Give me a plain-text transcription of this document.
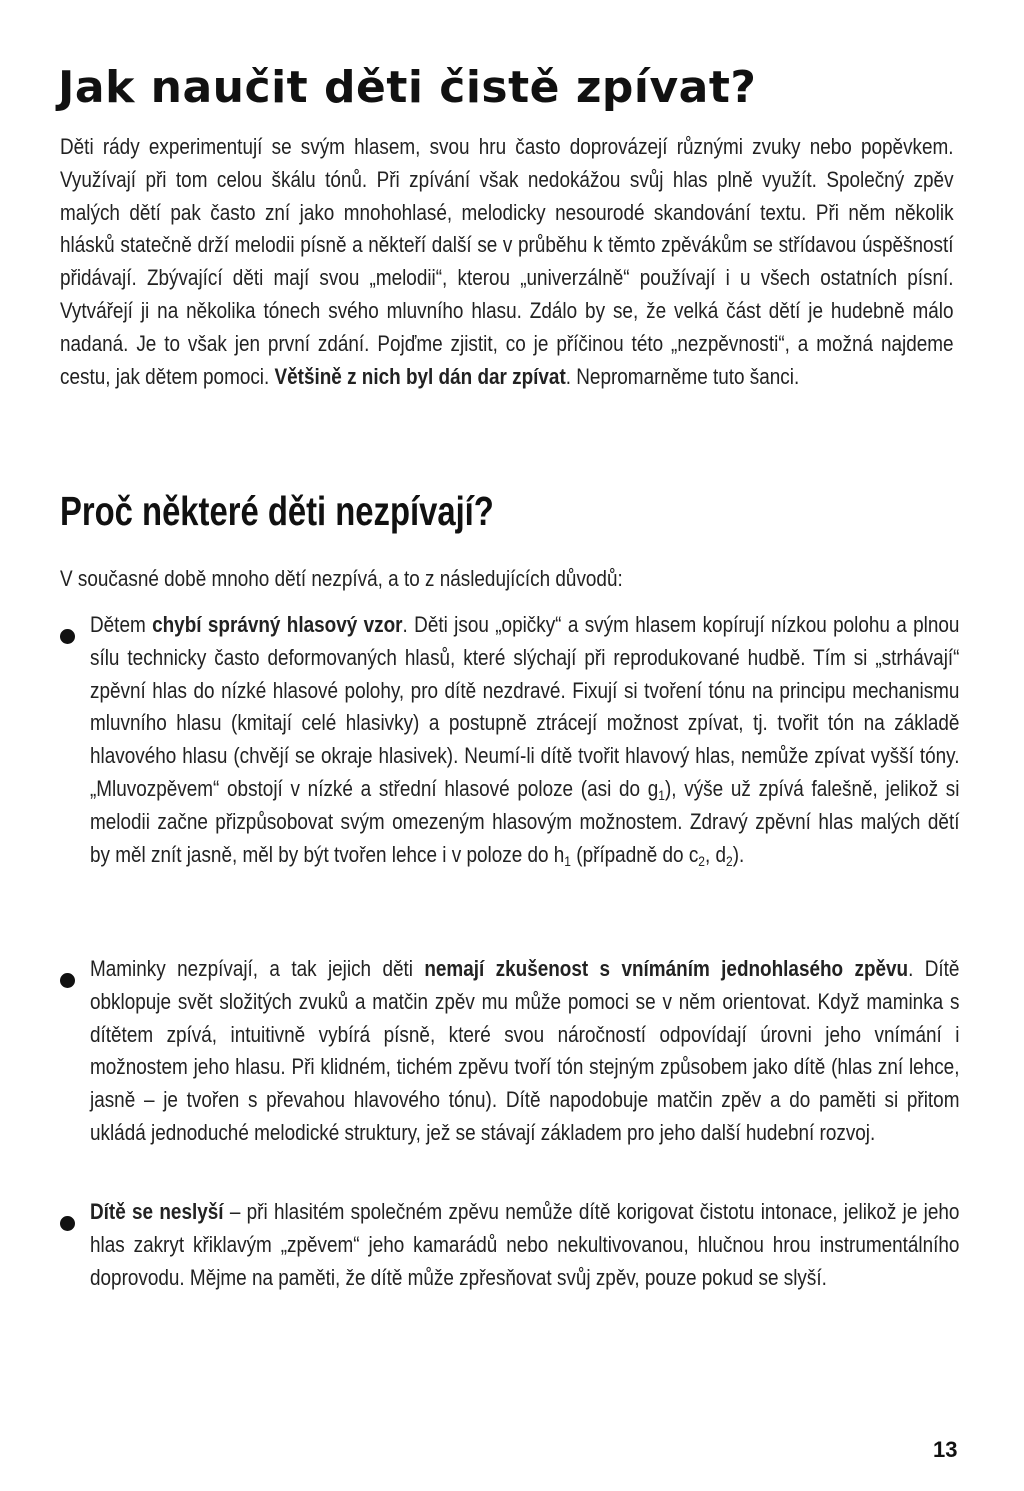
Jak naučit děti čistě zpívat?

Děti rády experimentují se svým hlasem, svou hru často doprovázejí různými zvuky nebo popěvkem. Využívají při tom celou škálu tónů. Při zpívání však nedokážou svůj hlas plně využít. Společný zpěv malých dětí pak často zní jako mnohohlasé, melodicky nesourodé skandování textu. Při něm několik hlásků statečně drží melodii písně a někteří další se v průběhu k těmto zpěvákům se střídavou úspěšností přidávají. Zbývající děti mají svou „melodii“, kterou „univerzálně“ používají i u všech ostatních písní. Vytvářejí ji na několika tónech svého mluvního hlasu. Zdálo by se, že velká část dětí je hudebně málo nadaná. Je to však jen první zdání. Pojďme zjistit, co je příčinou této „nezpěvnosti“, a možná najdeme cestu, jak dětem pomoci. Většině z nich byl dán dar zpívat. Nepromarněme tuto šanci.

Proč některé děti nezpívají?

V současné době mnoho dětí nezpívá, a to z následujících důvodů:

Dětem chybí správný hlasový vzor. Děti jsou „opičky“ a svým hlasem kopírují nízkou polohu a plnou sílu technicky často deformovaných hlasů, které slýchají při reprodukované hudbě. Tím si „strhávají“ zpěvní hlas do nízké hlasové polohy, pro dítě nezdravé. Fixují si tvoření tónu na principu mechanismu mluvního hlasu (kmitají celé hlasivky) a postupně ztrácejí možnost zpívat, tj. tvořit tón na základě hlavového hlasu (chvějí se okraje hlasivek). Neumí-li dítě tvořit hlavový hlas, nemůže zpívat vyšší tóny. „Mluvozpěvem“ obstojí v nízké a střední hlasové poloze (asi do $g_1$), výše už zpívá falešně, jelikož si melodii začne přizpůsobovat svým omezeným hlasovým možnostem. Zdravý zpěvní hlas malých dětí by měl znít jasně, měl by být tvořen lehce i v poloze do $h_1$ (případně do $c_2$, $d_2$).

Maminky nezpívají, a tak jejich děti nemají zkušenost s vnímáním jednohlasého zpěvu. Dítě obklopuje svět složitých zvuků a matčin zpěv mu může pomoci se v něm orientovat. Když maminka s dítětem zpívá, intuitivně vybírá písně, které svou náročností odpovídají úrovni jeho vnímání i možnostem jeho hlasu. Při klidném, tichém zpěvu tvoří tón stejným způsobem jako dítě (hlas zní lehce, jasně – je tvořen s převahou hlavového tónu). Dítě napodobuje matčin zpěv a do paměti si přitom ukládá jednoduché melodické struktury, jež se stávají základem pro jeho další hudební rozvoj.

Dítě se neslyší – při hlasitém společném zpěvu nemůže dítě korigovat čistotu intonace, jelikož je jeho hlas zakryt křiklavým „zpěvem“ jeho kamarádů nebo nekultivovanou, hlučnou hrou instrumentálního doprovodu. Mějme na paměti, že dítě může zpřesňovat svůj zpěv, pouze pokud se slyší.

13
